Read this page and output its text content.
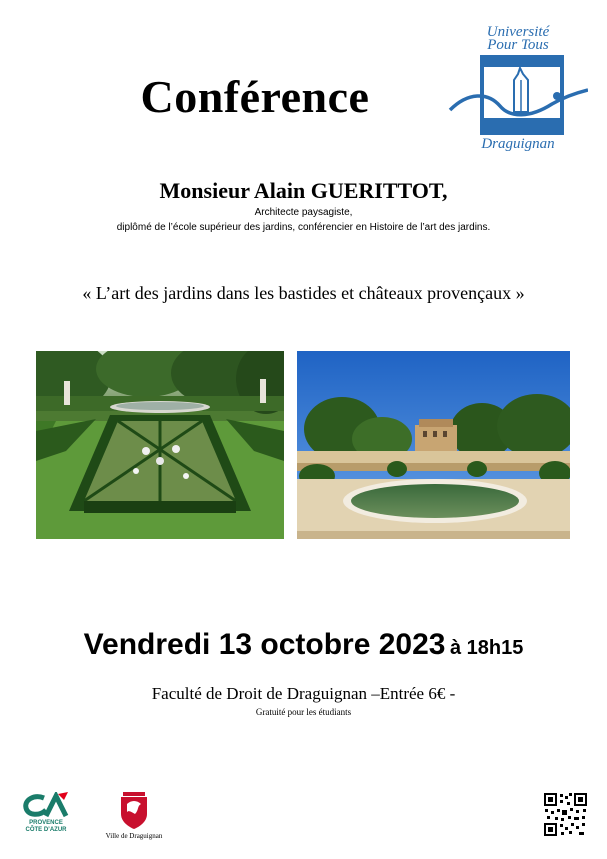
Conférence
Université
Pour Tous
Draguignan
Monsieur Alain GUERITTOT,
Architecte paysagiste,
diplômé de l’école supérieur des jardins, conférencier en Histoire de l’art des jardins.
« L’art des jardins dans les bastides et châteaux provençaux »
Vendredi 13 octobre 2023 à 18h15
Faculté de Droit de Draguignan –Entrée 6€ -
Gratuité pour les étudiants
PROVENCE
CÔTE D’AZUR
Ville de Draguignan
